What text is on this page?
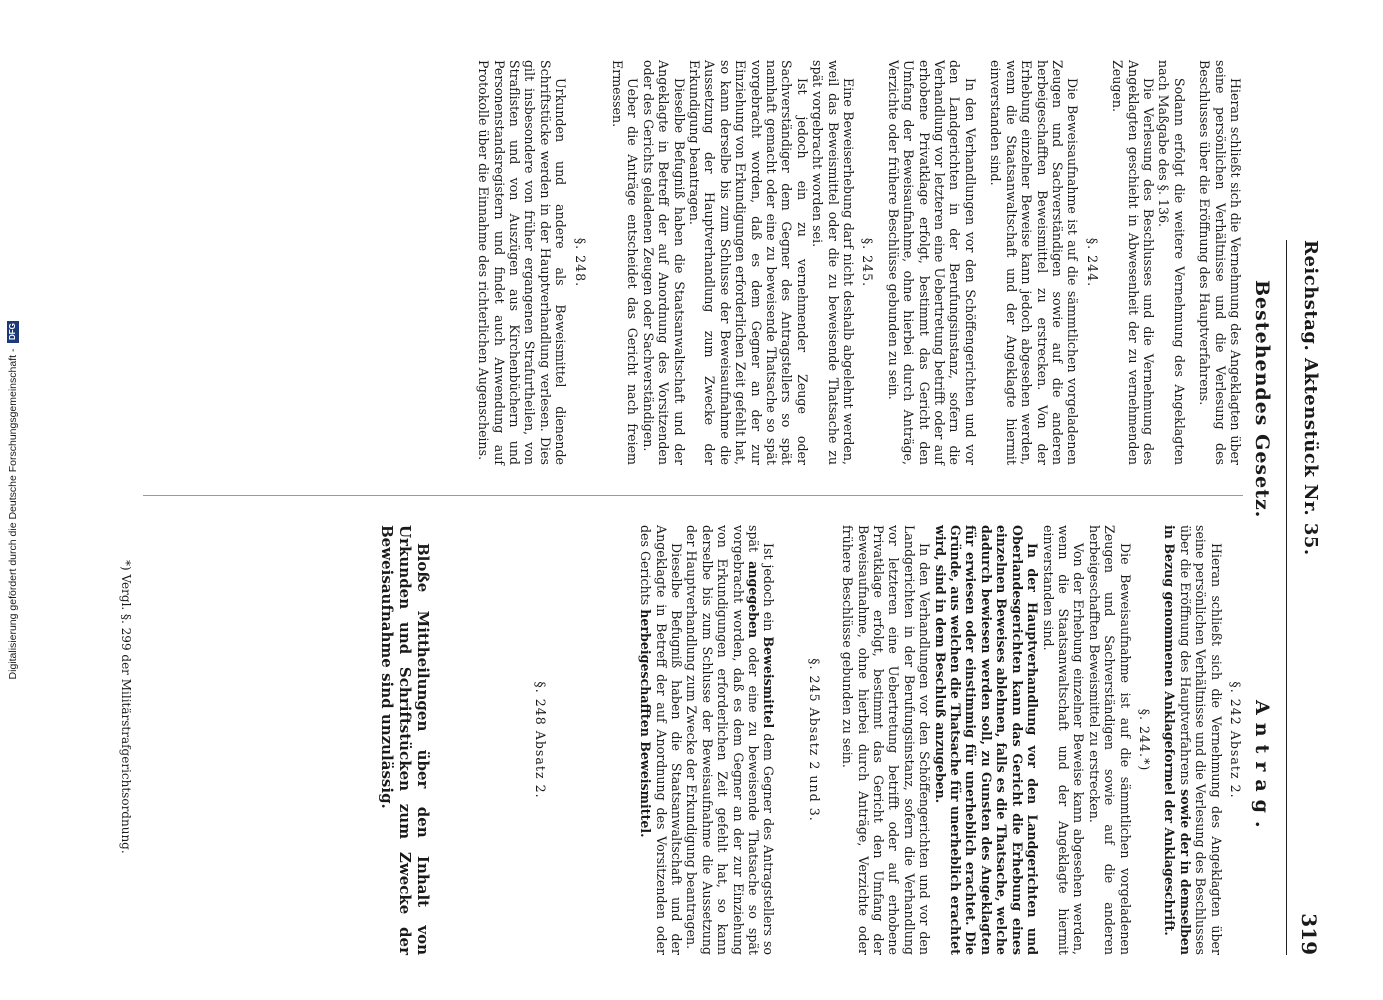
Reichstag. Aktenstück Nr. 35.
319
Bestehendes Gesetz.

Hieran schließt sich die Vernehmung des Angeklagten über seine persönlichen Verhältnisse und die Verlesung des Beschlusses über die Eröffnung des Hauptverfahrens.

Sodann erfolgt die weitere Vernehmung des Angeklagten nach Maßgabe des §. 136.

Die Verlesung des Beschlusses und die Vernehmung des Angeklagten geschieht in Abwesenheit der zu vernehmenden Zeugen.

§. 244.

Die Beweisaufnahme ist auf die sämmtlichen vorgeladenen Zeugen und Sachverständigen sowie auf die anderen herbeigeschafften Beweismittel zu erstrecken. Von der Erhebung einzelner Beweise kann jedoch abgesehen werden, wenn die Staatsanwaltschaft und der Angeklagte hiermit einverstanden sind.

In den Verhandlungen vor den Schöffengerichten und vor den Landgerichten in der Berufungsinstanz, sofern die Verhandlung vor letzteren eine Uebertretung betrifft oder auf erhobene Privatklage erfolgt, bestimmt das Gericht den Umfang der Beweisaufnahme, ohne hierbei durch Anträge, Verzichte oder frühere Beschlüsse gebunden zu sein.

§. 245.

Eine Beweiserhebung darf nicht deshalb abgelehnt werden, weil das Beweismittel oder die zu beweisende Thatsache zu spät vorgebracht worden sei.

Ist jedoch ein zu vernehmender Zeuge oder Sachverständiger dem Gegner des Antragstellers so spät namhaft gemacht oder eine zu beweisende Thatsache so spät vorgebracht worden, daß es dem Gegner an der zur Einziehung von Erkundigungen erforderlichen Zeit gefehlt hat, so kann derselbe bis zum Schlusse der Beweisaufnahme die Aussetzung der Hauptverhandlung zum Zwecke der Erkundigung beantragen.

Dieselbe Befugniß haben die Staatsanwaltschaft und der Angeklagte in Betreff der auf Anordnung des Vorsitzenden oder des Gerichts geladenen Zeugen oder Sachverständigen.

Ueber die Anträge entscheidet das Gericht nach freiem Ermessen.

§. 248.

Urkunden und andere als Beweismittel dienende Schriftstücke werden in der Hauptverhandlung verlesen. Dies gilt insbesondere von früher ergangenen Strafurtheilen, von Straflisten und von Auszügen aus Kirchenbüchern und Personenstandsregistern und findet auch Anwendung auf Protokolle über die Einnahme des richterlichen Augenscheins.

Antrag.
§. 242 Absatz 2.

Hieran schließt sich die Vernehmung des Angeklagten über seine persönlichen Verhältnisse und die Verlesung des Beschlusses über die Eröffnung des Hauptverfahrens sowie der in demselben in Bezug genommenen Anklageformel der Anklageschrift.

§. 244.*)

Die Beweisaufnahme ist auf die sämmtlichen vorgeladenen Zeugen und Sachverständigen sowie auf die anderen herbeigeschafften Beweismittel zu erstrecken.

Von der Erhebung einzelner Beweise kann abgesehen werden, wenn die Staatsanwaltschaft und der Angeklagte hiermit einverstanden sind.

In der Hauptverhandlung vor den Landgerichten und Oberlandesgerichten kann das Gericht die Erhebung eines einzelnen Beweises ablehnen, falls es die Thatsache, welche dadurch bewiesen werden soll, zu Gunsten des Angeklagten für erwiesen oder einstimmig für unerheblich erachtet. Die Gründe, aus welchen die Thatsache für unerheblich erachtet wird, sind in dem Beschluß anzugeben.

In den Verhandlungen vor den Schöffengerichten und vor den Landgerichten in der Berufungsinstanz, sofern die Verhandlung vor letzteren eine Uebertretung betrifft oder auf erhobene Privatklage erfolgt, bestimmt das Gericht den Umfang der Beweisaufnahme, ohne hierbei durch Anträge, Verzichte oder frühere Beschlüsse gebunden zu sein.

§. 245 Absatz 2 und 3.

Ist jedoch ein Beweismittel dem Gegner des Antragstellers so spät angegeben oder eine zu beweisende Thatsache so spät vorgebracht worden, daß es dem Gegner an der zur Einziehung von Erkundigungen erforderlichen Zeit gefehlt hat, so kann derselbe bis zum Schlusse der Beweisaufnahme die Aussetzung der Hauptverhandlung zum Zwecke der Erkundigung beantragen.

Dieselbe Befugniß haben die Staatsanwaltschaft und der Angeklagte in Betreff der auf Anordnung des Vorsitzenden oder des Gerichts herbeigeschafften Beweismittel.

§. 248 Absatz 2.

Bloße Mittheilungen über den Inhalt von Urkunden und Schriftstücken zum Zwecke der Beweisaufnahme sind unzulässig.

*) Vergl. §. 299 der Militärstrafgerichtsordnung.
Digitalisierung gefördert durch die Deutsche Forschungsgemeinschaft -
DFG
